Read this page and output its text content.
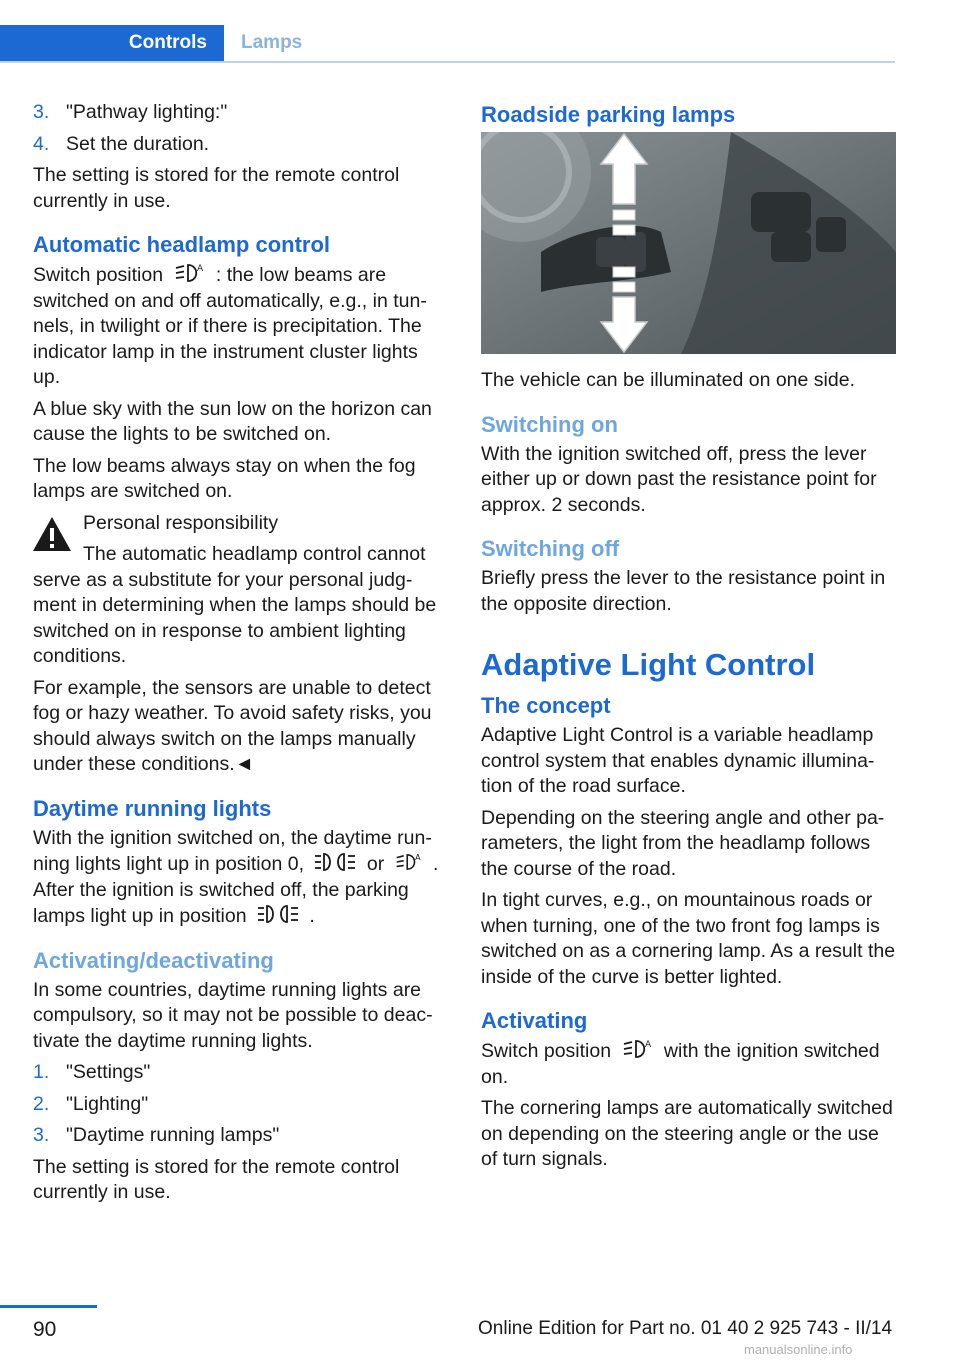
Controls Lamps
3. "Pathway lighting:"
4. Set the duration.

The setting is stored for the remote control currently in use.

Automatic headlamp control

Switch position	A : the low beams are switched on and off automatically, e.g., in tun-nels, in twilight or if there is precipitation. The indicator lamp in the instrument cluster lights up.

A blue sky with the sun low on the horizon can cause the lights to be switched on.

The low beams always stay on when the fog lamps are switched on.

Personal responsibility

The automatic headlamp control cannot serve as a substitute for your personal judg-ment in determining when the lamps should be switched on in response to ambient lighting conditions.

For example, the sensors are unable to detect fog or hazy weather. To avoid safety risks, you should always switch on the lamps manually under these conditions.◄

Daytime running lights

With the ignition switched on, the daytime run-ning lights light up in position 0,	or	A .
After the ignition is switched off, the parking lamps light up in position	.

Activating/deactivating

In some countries, daytime running lights are compulsory, so it may not be possible to deac-tivate the daytime running lights.

1. "Settings"
2. "Lighting"
3. "Daytime running lamps"

The setting is stored for the remote control currently in use.

Roadside parking lamps

The vehicle can be illuminated on one side.

Switching on

With the ignition switched off, press the lever either up or down past the resistance point for approx. 2 seconds.

Switching off

Briefly press the lever to the resistance point in the opposite direction.

Adaptive Light Control
The concept

Adaptive Light Control is a variable headlamp control system that enables dynamic illumina-tion of the road surface.

Depending on the steering angle and other pa-rameters, the light from the headlamp follows the course of the road.

In tight curves, e.g., on mountainous roads or when turning, one of the two front fog lamps is switched on as a cornering lamp. As a result the inside of the curve is better lighted.

Activating

Switch position	A with the ignition switched on.

The cornering lamps are automatically switched on depending on the steering angle or the use of turn signals.

90	Online Edition for Part no. 01 40 2 925 743 - II/14
manualsonline.info
